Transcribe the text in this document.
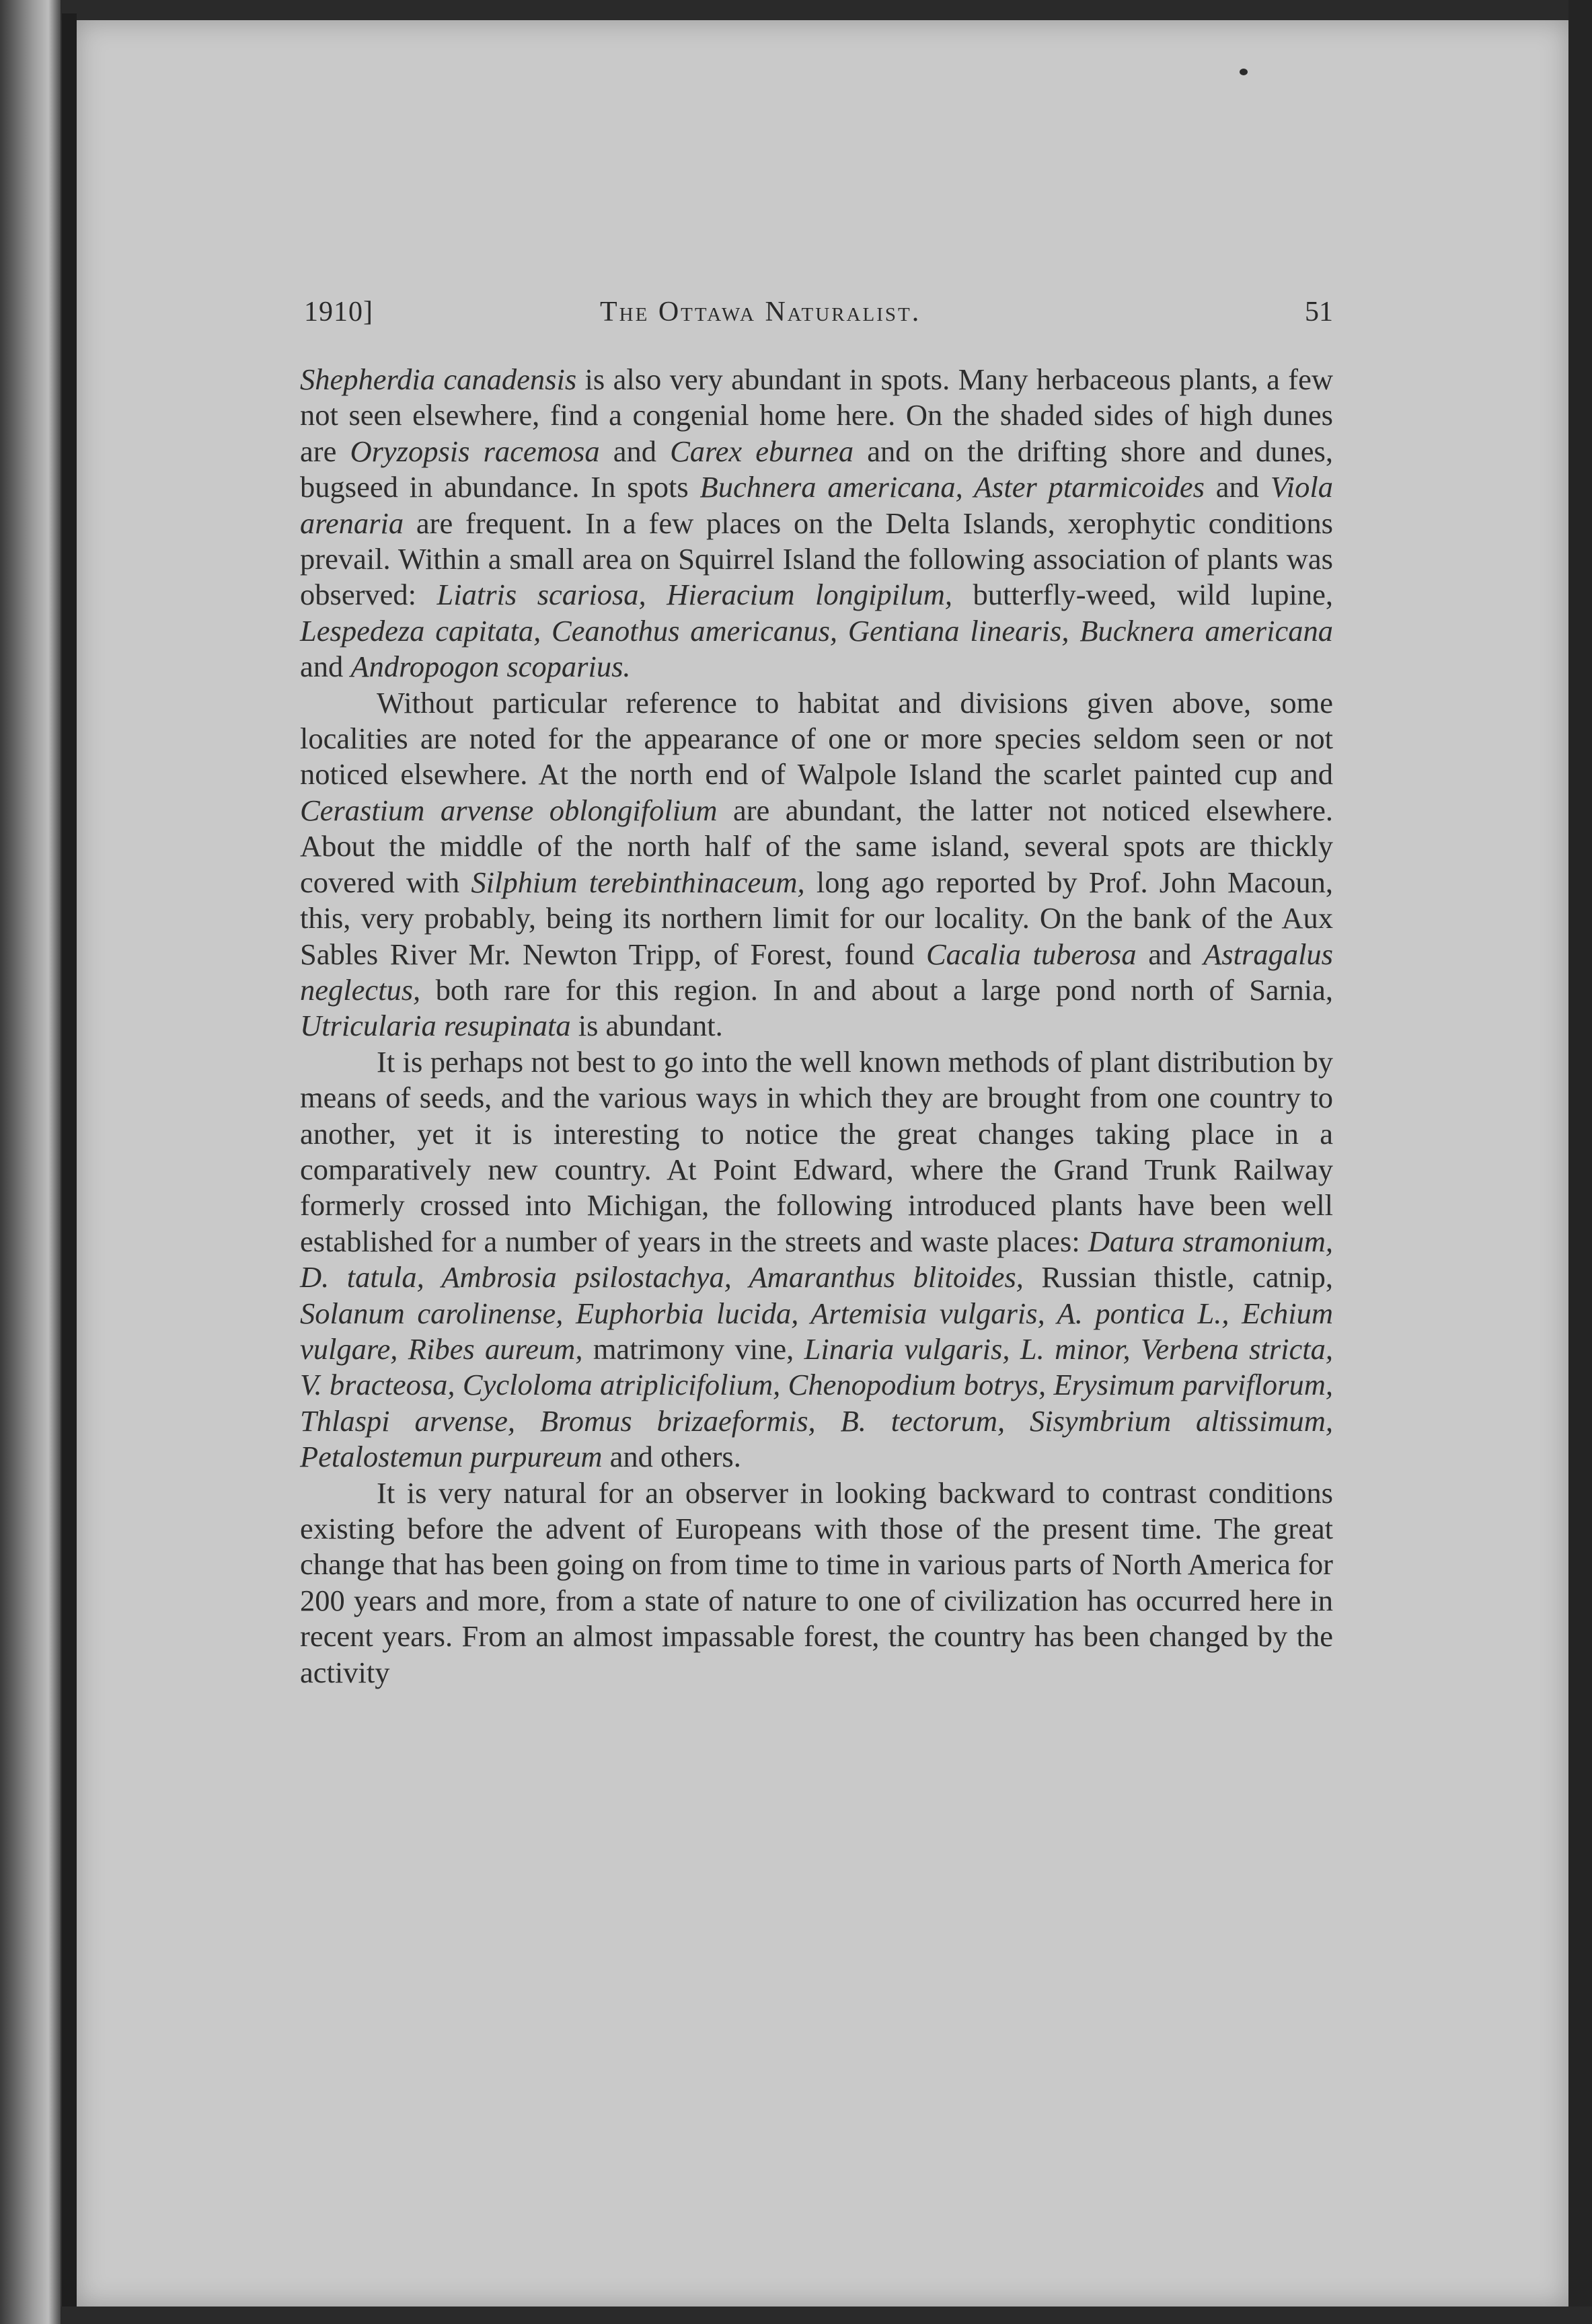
1910]	The Ottawa Naturalist.	51

Shepherdia canadensis is also very abundant in spots. Many herbaceous plants, a few not seen elsewhere, find a congenial home here. On the shaded sides of high dunes are Oryzopsis racemosa and Carex eburnea and on the drifting shore and dunes, bugseed in abundance. In spots Buchnera americana, Aster ptarmicoides and Viola arenaria are frequent. In a few places on the Delta Islands, xerophytic conditions prevail. Within a small area on Squirrel Island the following association of plants was observed: Liatris scariosa, Hieracium longipilum, butterfly-weed, wild lupine, Lespedeza capitata, Ceanothus americanus, Gentiana linearis, Bucknera americana and Andropogon scoparius.

Without particular reference to habitat and divisions given above, some localities are noted for the appearance of one or more species seldom seen or not noticed elsewhere. At the north end of Walpole Island the scarlet painted cup and Cerastium arvense oblongifolium are abundant, the latter not noticed elsewhere. About the middle of the north half of the same island, several spots are thickly covered with Silphium terebinthinaceum, long ago reported by Prof. John Macoun, this, very probably, being its northern limit for our locality. On the bank of the Aux Sables River Mr. Newton Tripp, of Forest, found Cacalia tuberosa and Astragalus neglectus, both rare for this region. In and about a large pond north of Sarnia, Utricularia resupinata is abundant.

It is perhaps not best to go into the well known methods of plant distribution by means of seeds, and the various ways in which they are brought from one country to another, yet it is interesting to notice the great changes taking place in a comparatively new country. At Point Edward, where the Grand Trunk Railway formerly crossed into Michigan, the following introduced plants have been well established for a number of years in the streets and waste places: Datura stramonium, D. tatula, Ambrosia psilostachya, Amaranthus blitoides, Russian thistle, catnip, Solanum carolinense, Euphorbia lucida, Artemisia vulgaris, A. pontica L., Echium vulgare, Ribes aureum, matrimony vine, Linaria vulgaris, L. minor, Verbena stricta, V. bracteosa, Cycloloma atriplicifolium, Chenopodium botrys, Erysimum parviflorum, Thlaspi arvense, Bromus brizaeformis, B. tectorum, Sisymbrium altissimum, Petalostemun purpureum and others.

It is very natural for an observer in looking backward to contrast conditions existing before the advent of Europeans with those of the present time. The great change that has been going on from time to time in various parts of North America for 200 years and more, from a state of nature to one of civilization has occurred here in recent years. From an almost impassable forest, the country has been changed by the activity
